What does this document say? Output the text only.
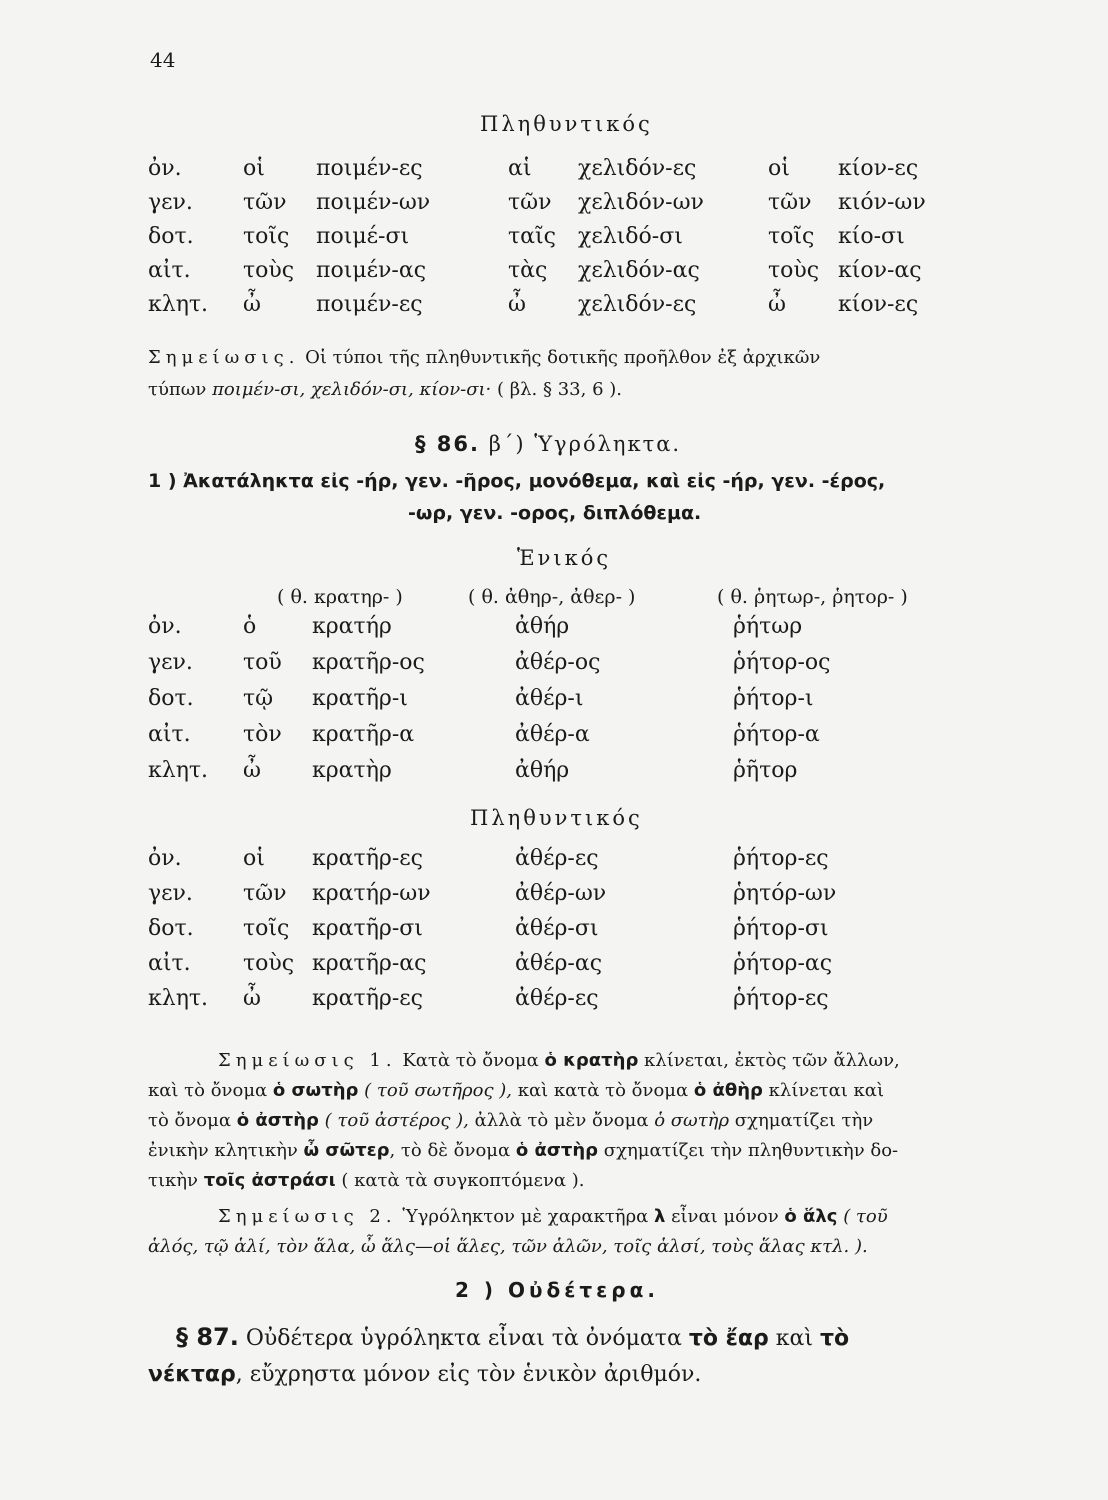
44
Πληθυντικός
ὀν.	οἱ ποιμέν-ες	αἱ χελιδόν-ες	οἱ κίον-ες
γεν. τῶν ποιμέν-ων	τῶν χελιδόν-ων	τῶν κιόν-ων
δοτ. τοῖς ποιμέ-σι	ταῖς χελιδό-σι	τοῖς κίο-σι
αἰτ. τοὺς ποιμέν-ας	τὰς χελιδόν-ας	τοὺς κίον-ας
κλητ. ὦ	ποιμέν-ες	ὦ χελιδόν-ες	ὦ κίον-ες
Σημείωσις. Οἱ τύποι τῆς πληθυντικῆς δοτικῆς προῆλθον ἐξ ἀρχικῶν
τύπων ποιμέν-σι, χελιδόν-σι, κίον-σι· ( βλ. § 33, 6 ).
§ 86. β΄) Ὑγρόληκτα.
1 ) Ἀκατάληκτα εἰς -ήρ, γεν. -ῆρος, μονόθεμα, καὶ εἰς -ήρ, γεν. -έρος,
-ωρ, γεν. -ορος, διπλόθεμα.
Ἑνικός
( θ. κρατηρ- )	( θ. ἀθηρ-, ἀθερ- )	( θ. ῥητωρ-, ῥητορ- )
ὀν.	ὁ	κρατήρ	ἀθήρ	ῥήτωρ
γεν. τοῦ κρατῆρ-ος	ἀθέρ-ος	ῥήτορ-ος
δοτ. τῷ κρατῆρ-ι	ἀθέρ-ι	ῥήτορ-ι
αἰτ. τὸν κρατῆρ-α	ἀθέρ-α	ῥήτορ-α
κλητ. ὦ κρατὴρ	ἀθήρ	ῥῆτορ
Πληθυντικός
ὀν.	οἱ κρατῆρ-ες	ἀθέρ-ες	ῥήτορ-ες
γεν. τῶν κρατήρ-ων	ἀθέρ-ων	ῥητόρ-ων
δοτ. τοῖς κρατῆρ-σι	ἀθέρ-σι	ῥήτορ-σι
αἰτ. τοὺς κρατῆρ-ας	ἀθέρ-ας	ῥήτορ-ας
κλητ. ὦ κρατῆρ-ες	ἀθέρ-ες	ῥήτορ-ες
Σημείωσις 1. Κατὰ τὸ ὄνομα ὁ κρατὴρ κλίνεται, ἐκτὸς τῶν ἄλλων,
καὶ τὸ ὄνομα ὁ σωτὴρ ( τοῦ σωτῆρος ), καὶ κατὰ τὸ ὄνομα ὁ ἀθὴρ κλίνεται καὶ
τὸ ὄνομα ὁ ἀστὴρ ( τοῦ ἀστέρος ), ἀλλὰ τὸ μὲν ὄνομα ὁ σωτὴρ σχηματίζει τὴν
ἐνικὴν κλητικὴν ὦ σῶτερ, τὸ δὲ ὄνομα ὁ ἀστὴρ σχηματίζει τὴν πληθυντικὴν δο-
τικὴν τοῖς ἀστράσι ( κατὰ τὰ συγκοπτόμενα ).
Σημείωσις 2. Ὑγρόληκτον μὲ χαρακτῆρα λ εἶναι μόνον ὁ ἅλς ( τοῦ
ἁλός, τῷ ἁλί, τὸν ἅλα, ὦ ἅλς—οἱ ἅλες, τῶν ἁλῶν, τοῖς ἁλσί, τοὺς ἅλας κτλ. ).
2 ) Οὐδέτερα.
§ 87. Οὐδέτερα ὑγρόληκτα εἶναι τὰ ὀνόματα τὸ ἔαρ καὶ τὸ
νέκταρ, εὔχρηστα μόνον εἰς τὸν ἑνικὸν ἀριθμόν.
